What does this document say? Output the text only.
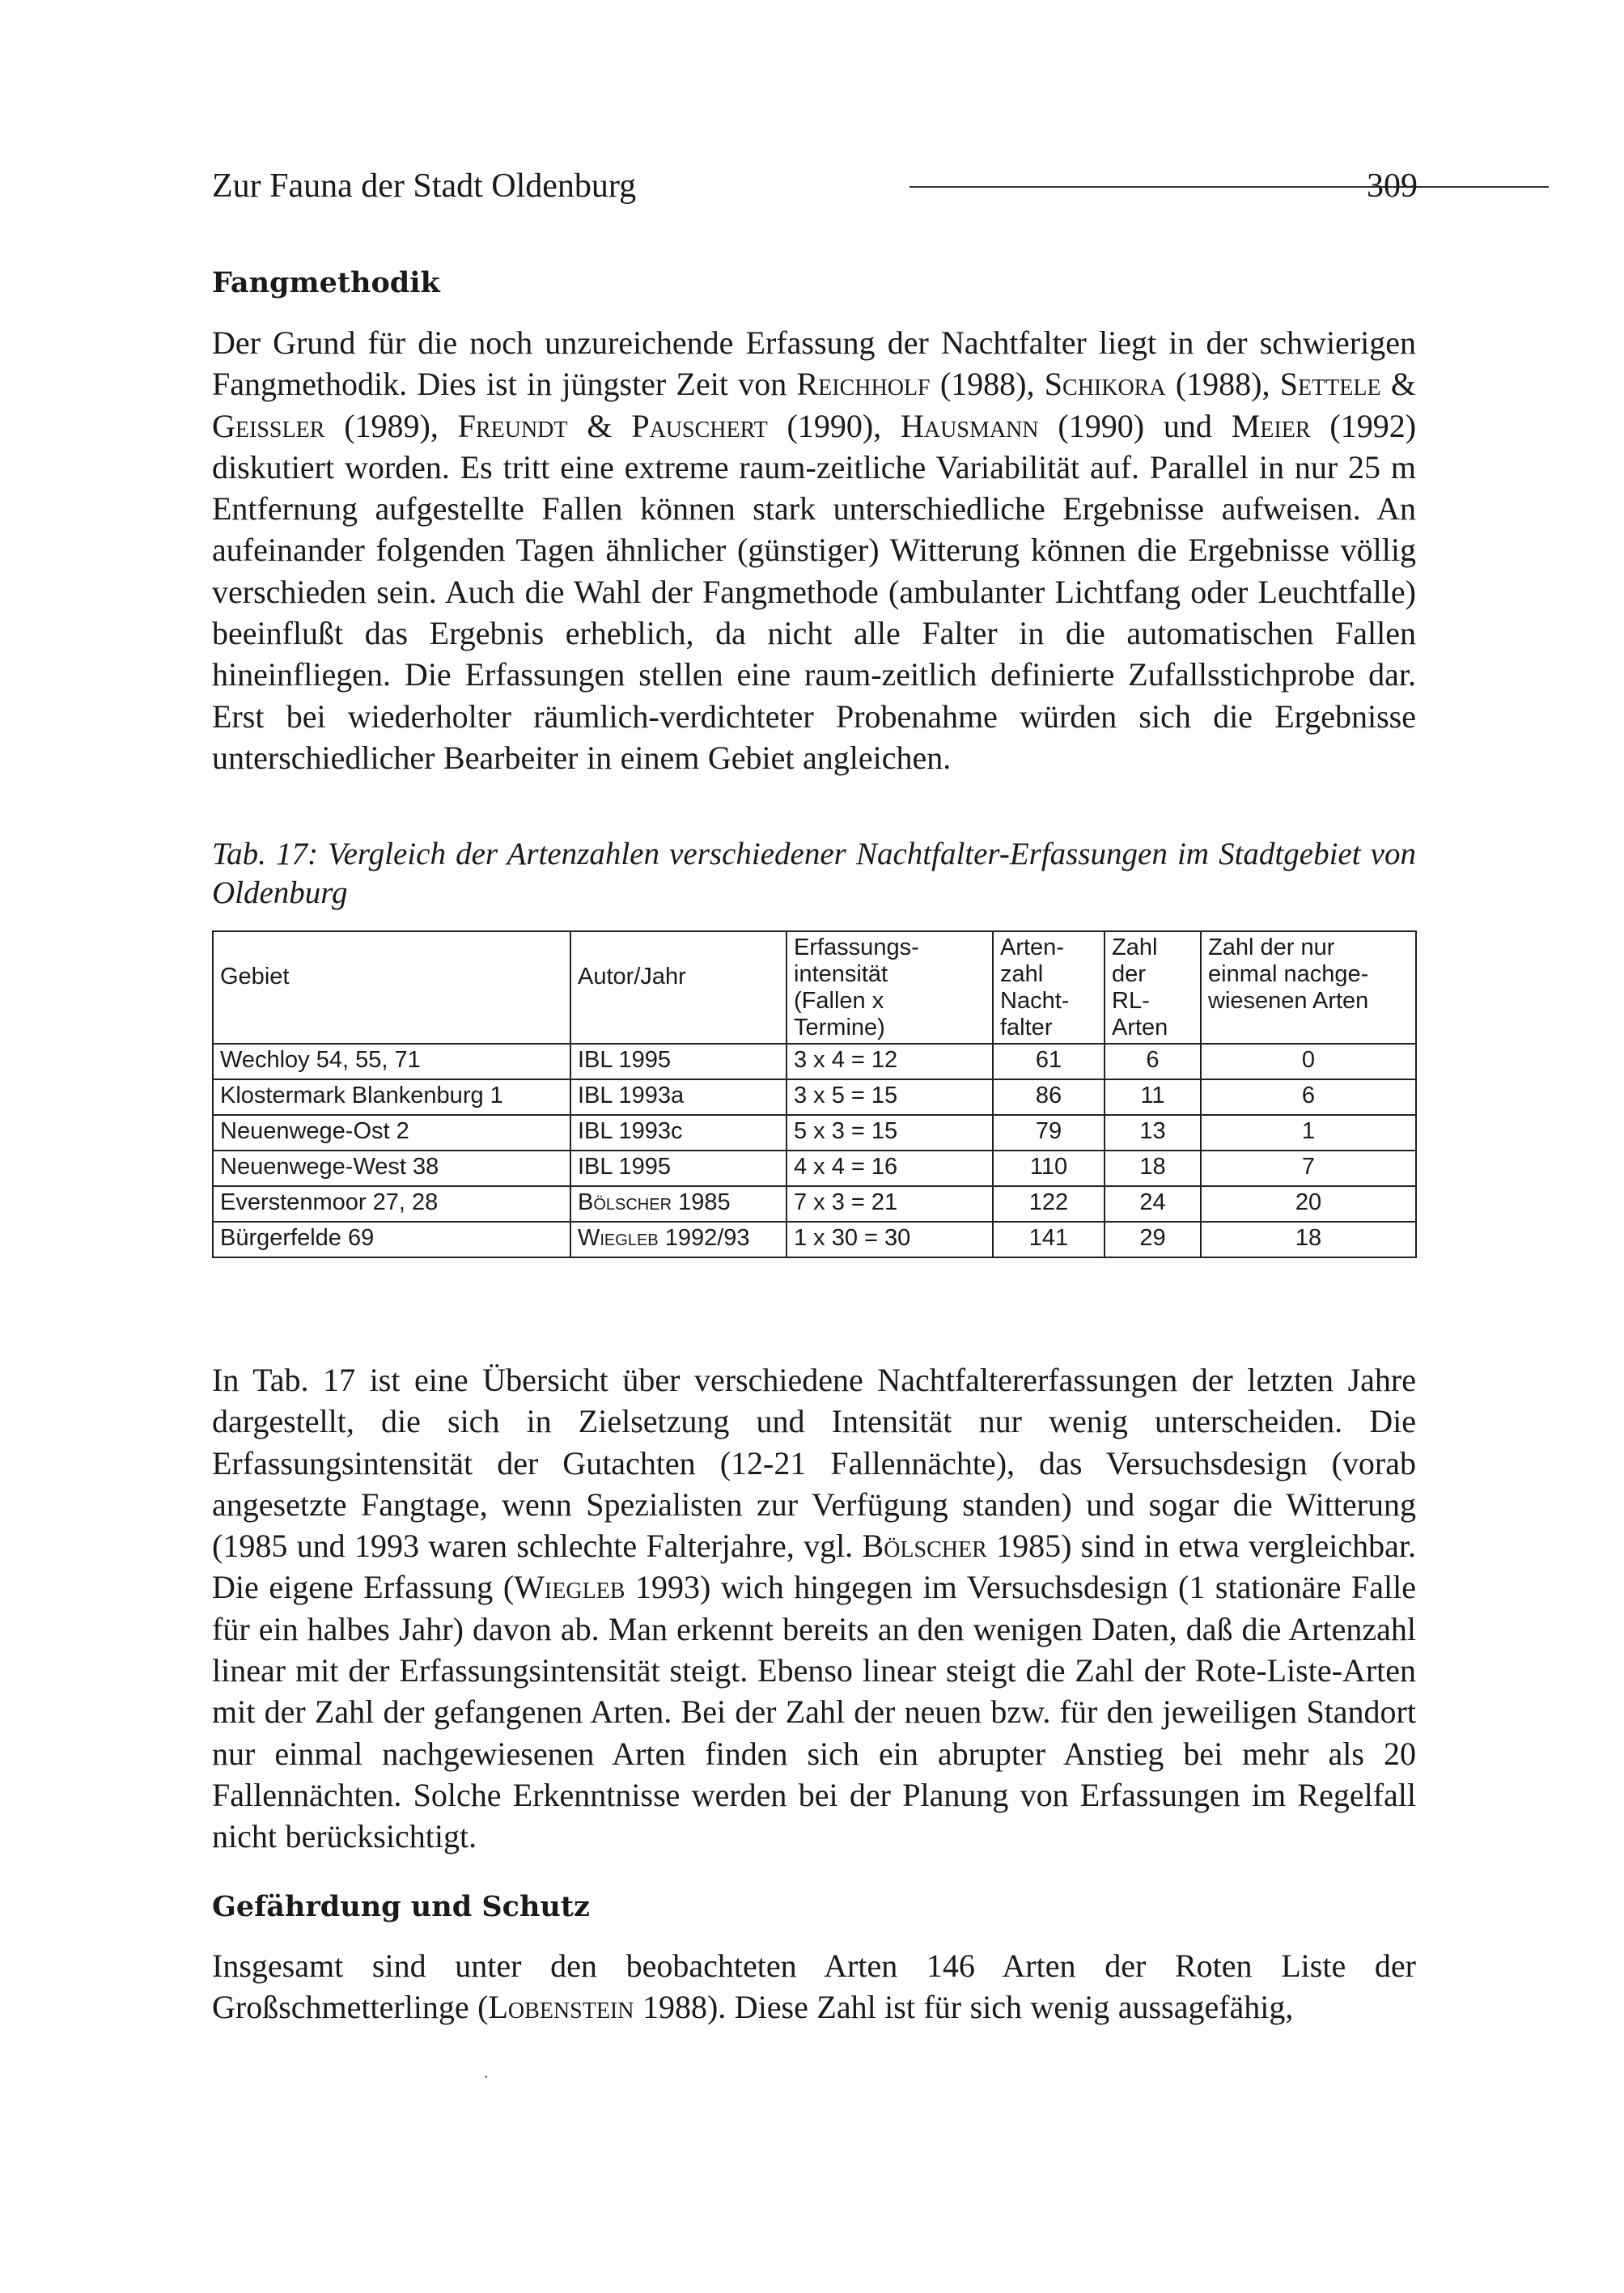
Zur Fauna der Stadt Oldenburg	309
Fangmethodik

Der Grund für die noch unzureichende Erfassung der Nachtfalter liegt in der schwierigen Fangmethodik. Dies ist in jüngster Zeit von Reichholf (1988), Schikora (1988), Settele & Geißler (1989), Freundt & Pauschert (1990), Hausmann (1990) und Meier (1992) diskutiert worden. Es tritt eine extreme raum-zeitliche Variabilität auf. Parallel in nur 25 m Entfernung aufgestellte Fallen können stark unterschiedliche Ergebnisse aufweisen. An aufeinander folgenden Tagen ähnlicher (günstiger) Witterung können die Ergebnisse völlig verschieden sein. Auch die Wahl der Fangmethode (ambulanter Lichtfang oder Leuchtfalle) beeinflußt das Ergebnis erheblich, da nicht alle Falter in die automatischen Fallen hineinfliegen. Die Erfassungen stellen eine raum-zeitlich definierte Zufallsstichprobe dar. Erst bei wiederholter räumlich-verdichteter Probenahme würden sich die Ergebnisse unterschiedlicher Bearbeiter in einem Gebiet angleichen.

Tab. 17: Vergleich der Artenzahlen verschiedener Nachtfalter-Erfassungen im Stadtgebiet von Oldenburg

Gebiet	Autor/Jahr	Erfassungs-
intensität
(Fallen x
Termine)	Arten-
zahl
Nacht-
falter	Zahl
der
RL-
Arten	Zahl der nur
einmal nachge-
wiesenen Arten
Wechloy 54, 55, 71	IBL 1995	3 x 4 = 12	61	6	0
Klostermark Blankenburg 1	IBL 1993a	3 x 5 = 15	86	11	6
Neuenwege-Ost 2	IBL 1993c	5 x 3 = 15	79	13	1
Neuenwege-West 38	IBL 1995	4 x 4 = 16	110	18	7
Everstenmoor 27, 28	Bölscher 1985	7 x 3 = 21	122	24	20
Bürgerfelde 69	Wiegleb 1992/93	1 x 30 = 30	141	29	18

In Tab. 17 ist eine Übersicht über verschiedene Nachtfaltererfassungen der letzten Jahre dargestellt, die sich in Zielsetzung und Intensität nur wenig unterscheiden. Die Erfassungsintensität der Gutachten (12-21 Fallennächte), das Versuchsdesign (vorab angesetzte Fangtage, wenn Spezialisten zur Verfügung standen) und sogar die Witterung (1985 und 1993 waren schlechte Falterjahre, vgl. Bölscher 1985) sind in etwa vergleichbar. Die eigene Erfassung (Wiegleb 1993) wich hingegen im Versuchsdesign (1 stationäre Falle für ein halbes Jahr) davon ab. Man erkennt bereits an den wenigen Daten, daß die Artenzahl linear mit der Erfassungsintensität steigt. Ebenso linear steigt die Zahl der Rote-Liste-Arten mit der Zahl der gefangenen Arten. Bei der Zahl der neuen bzw. für den jeweiligen Standort nur einmal nachgewiesenen Arten finden sich ein abrupter Anstieg bei mehr als 20 Fallennächten. Solche Erkenntnisse werden bei der Planung von Erfassungen im Regelfall nicht berücksichtigt.

Gefährdung und Schutz

Insgesamt sind unter den beobachteten Arten 146 Arten der Roten Liste der Großschmetterlinge (Lobenstein 1988). Diese Zahl ist für sich wenig aussagefähig,

.
